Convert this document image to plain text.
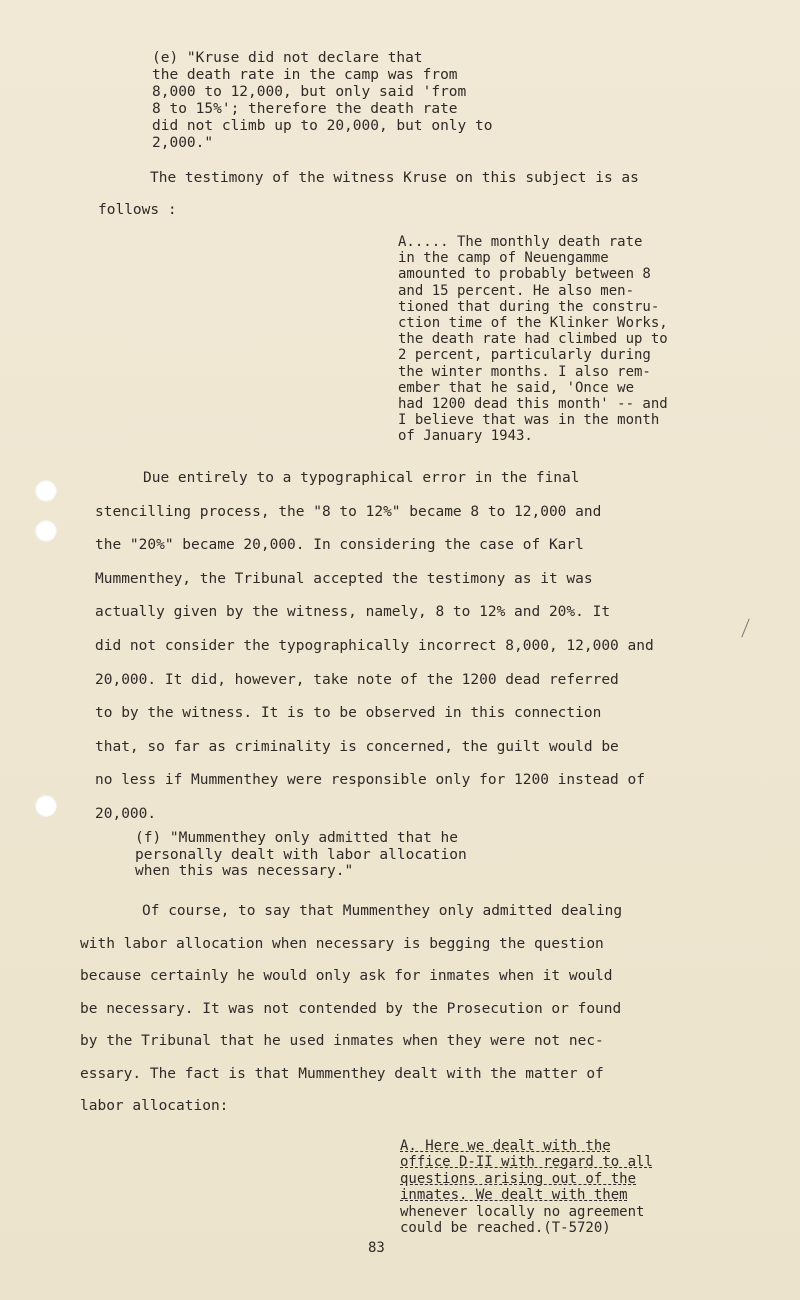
(e) "Kruse did not declare that
the death rate in the camp was from
8,000 to 12,000, but only said 'from
8 to 15%'; therefore the death rate
did not climb up to 20,000, but only to
2,000."
The testimony of the witness Kruse on this subject is as
follows :
A..... The monthly death rate
in the camp of Neuengamme
amounted to probably between 8
and 15 percent. He also men-
tioned that during the constru-
ction time of the Klinker Works,
the death rate had climbed up to
2 percent, particularly during
the winter months. I also rem-
ember that he said, 'Once we
had 1200 dead this month' -- and
I believe that was in the month
of January 1943.
Due entirely to a typographical error in the final
stencilling process, the "8 to 12%" became 8 to 12,000 and
the "20%" became 20,000. In considering the case of Karl
Mummenthey, the Tribunal accepted the testimony as it was
actually given by the witness, namely, 8 to 12% and 20%. It
did not consider the typographically incorrect 8,000, 12,000 and
20,000. It did, however, take note of the 1200 dead referred
to by the witness. It is to be observed in this connection
that, so far as criminality is concerned, the guilt would be
no less if Mummenthey were responsible only for 1200 instead of
20,000.
(f) "Mummenthey only admitted that he
personally dealt with labor allocation
when this was necessary."
Of course, to say that Mummenthey only admitted dealing
with labor allocation when necessary is begging the question
because certainly he would only ask for inmates when it would
be necessary. It was not contended by the Prosecution or found
by the Tribunal that he used inmates when they were not nec-
essary. The fact is that Mummenthey dealt with the matter of
labor allocation:
A. Here we dealt with the
office D-II with regard to all
questions arising out of the
inmates. We dealt with them
whenever locally no agreement
could be reached.(T-5720)
83
